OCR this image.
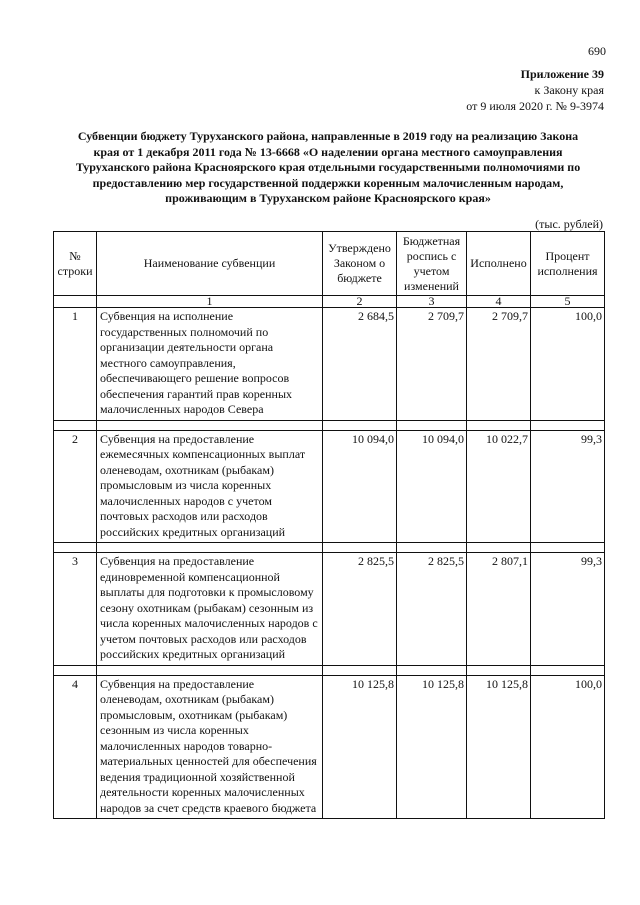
690
Приложение 39
к Закону края
от 9 июля 2020 г. № 9-3974
Субвенции бюджету Туруханского района, направленные в 2019 году на реализацию Закона края от 1 декабря 2011 года № 13-6668 «О наделении органа местного самоуправления Туруханского района Красноярского края отдельными государственными полномочиями по предоставлению мер государственной поддержки коренным малочисленным народам, проживающим в Туруханском районе Красноярского края»
(тыс. рублей)
№ строки	Наименование субвенции	Утверждено Законом о бюджете	Бюджетная роспись с учетом изменений	Исполнено	Процент исполнения
	1	2	3	4	5
1	Субвенция на исполнение государственных полномочий по организации деятельности органа местного самоуправления, обеспечивающего решение вопросов обеспечения гарантий прав коренных малочисленных народов Севера	2 684,5	2 709,7	2 709,7	100,0

2	Субвенция на предоставление ежемесячных компенсационных выплат оленеводам, охотникам (рыбакам) промысловым из числа коренных малочисленных народов с учетом почтовых расходов или расходов российских кредитных организаций	10 094,0	10 094,0	10 022,7	99,3

3	Субвенция на предоставление единовременной компенсационной выплаты для подготовки к промысловому сезону охотникам (рыбакам) сезонным из числа коренных малочисленных народов с учетом почтовых расходов или расходов российских кредитных организаций	2 825,5	2 825,5	2 807,1	99,3

4	Субвенция на предоставление оленеводам, охотникам (рыбакам) промысловым, охотникам (рыбакам) сезонным из числа коренных малочисленных народов товарно-материальных ценностей для обеспечения ведения традиционной хозяйственной деятельности коренных малочисленных народов за счет средств краевого бюджета	10 125,8	10 125,8	10 125,8	100,0
